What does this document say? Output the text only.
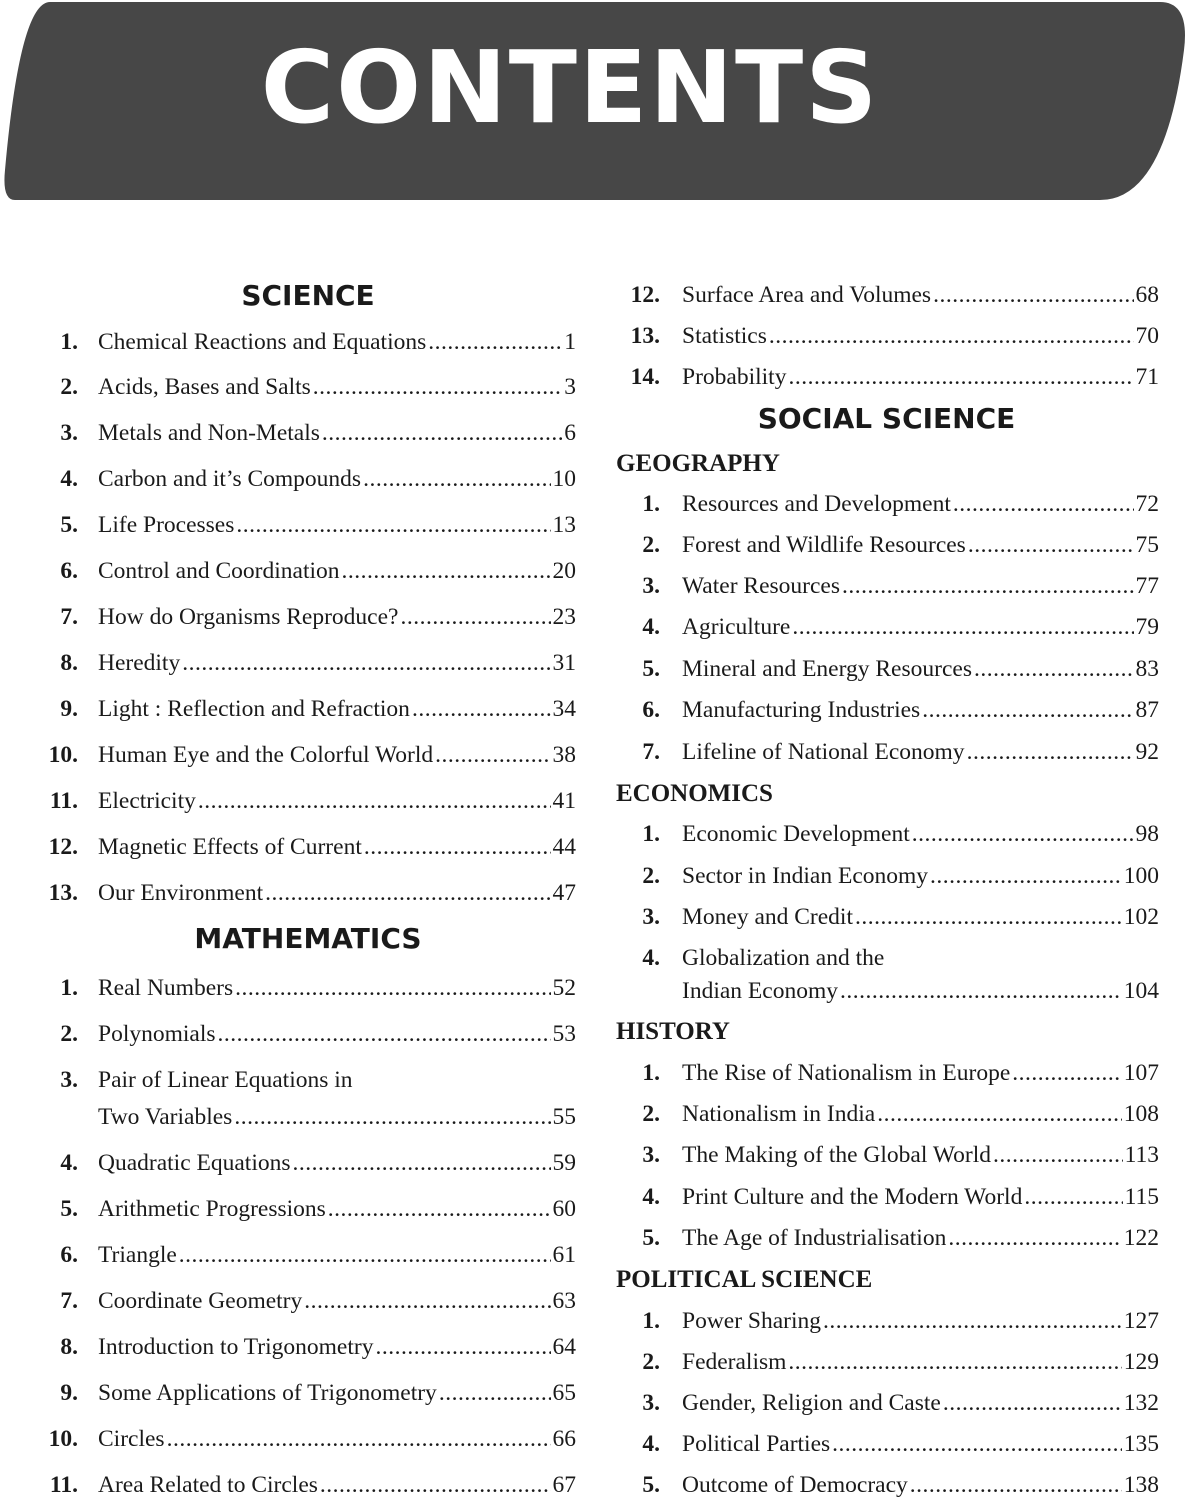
CONTENTS
SCIENCE
1. Chemical Reactions and Equations .....	1
2. Acids, Bases and Salts .....	3
3. Metals and Non-Metals .....	6
4. Carbon and it’s Compounds .....	10
5. Life Processes .....	13
6. Control and Coordination .....	20
7. How do Organisms Reproduce? .....	23
8. Heredity .....	31
9. Light : Reflection and Refraction .....	34
10. Human Eye and the Colorful World .....	38
11. Electricity .....	41
12. Magnetic Effects of Current .....	44
13. Our Environment .....	47
MATHEMATICS
1. Real Numbers .....	52
2. Polynomials .....	53
3. Pair of Linear Equations in
Two Variables .....	55
4. Quadratic Equations .....	59
5. Arithmetic Progressions .....	60
6. Triangle .....	61
7. Coordinate Geometry .....	63
8. Introduction to Trigonometry .....	64
9. Some Applications of Trigonometry .....	65
10. Circles .....	66
11. Area Related to Circles .....	67
12. Surface Area and Volumes .....	68
13. Statistics .....	70
14. Probability .....	71
SOCIAL SCIENCE
GEOGRAPHY
1. Resources and Development .....	72
2. Forest and Wildlife Resources .....	75
3. Water Resources .....	77
4. Agriculture .....	79
5. Mineral and Energy Resources .....	83
6. Manufacturing Industries .....	87
7. Lifeline of National Economy .....	92
ECONOMICS
1. Economic Development .....	98
2. Sector in Indian Economy .....	100
3. Money and Credit .....	102
4. Globalization and the
Indian Economy .....	104
HISTORY
1. The Rise of Nationalism in Europe .....	107
2. Nationalism in India .....	108
3. The Making of the Global World .....	113
4. Print Culture and the Modern World .....	115
5. The Age of Industrialisation .....	122
POLITICAL SCIENCE
1. Power Sharing .....	127
2. Federalism .....	129
3. Gender, Religion and Caste .....	132
4. Political Parties .....	135
5. Outcome of Democracy .....	138
